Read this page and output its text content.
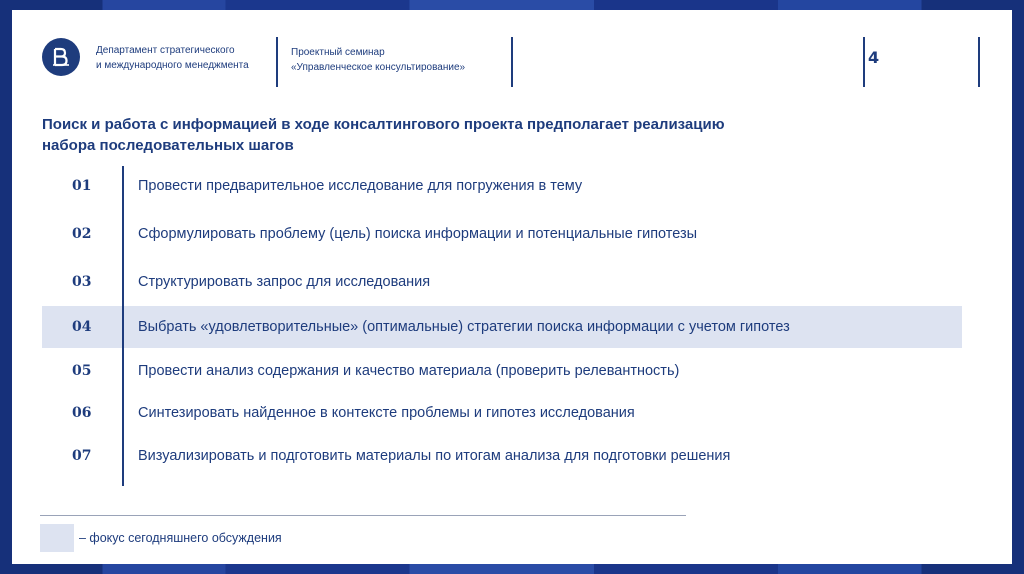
Департамент стратегического
и международного менеджмента
Проектный семинар
«Управленческое консультирование»
4
Поиск и работа с информацией в ходе консалтингового проекта предполагает реализацию набора последовательных шагов
01	Провести предварительное исследование для погружения в тему
02	Сформулировать проблему (цель) поиска информации и потенциальные гипотезы
03	Структурировать запрос для исследования
04	Выбрать «удовлетворительные» (оптимальные) стратегии поиска информации с учетом гипотез
05	Провести анализ содержания и качество материала (проверить релевантность)
06	Синтезировать найденное в контексте проблемы и гипотез исследования
07	Визуализировать и подготовить материалы по итогам анализа для подготовки решения
– фокус сегодняшнего обсуждения
